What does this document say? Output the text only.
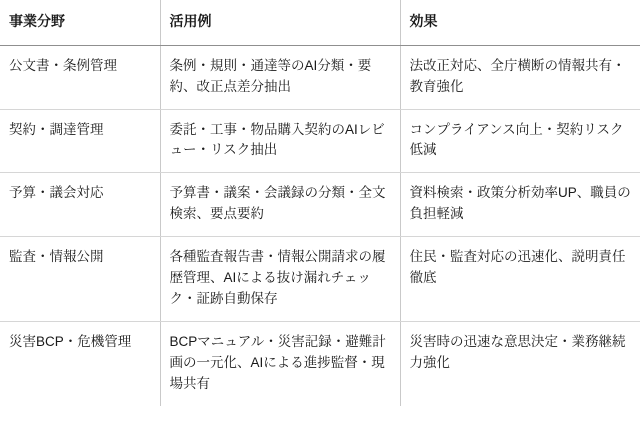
事業分野	活用例	効果

公文書・条例管理	条例・規則・通達等のAI分類・要約、改正点差分抽出	法改正対応、全庁横断の情報共有・教育強化

契約・調達管理	委託・工事・物品購入契約のAIレビュー・リスク抽出	コンプライアンス向上・契約リスク低減

予算・議会対応	予算書・議案・会議録の分類・全文検索、要点要約	資料検索・政策分析効率UP、職員の負担軽減

監査・情報公開	各種監査報告書・情報公開請求の履歴管理、AIによる抜け漏れチェック・証跡自動保存	住民・監査対応の迅速化、説明責任徹底

災害BCP・危機管理	BCPマニュアル・災害記録・避難計画の一元化、AIによる進捗監督・現場共有	災害時の迅速な意思決定・業務継続力強化
